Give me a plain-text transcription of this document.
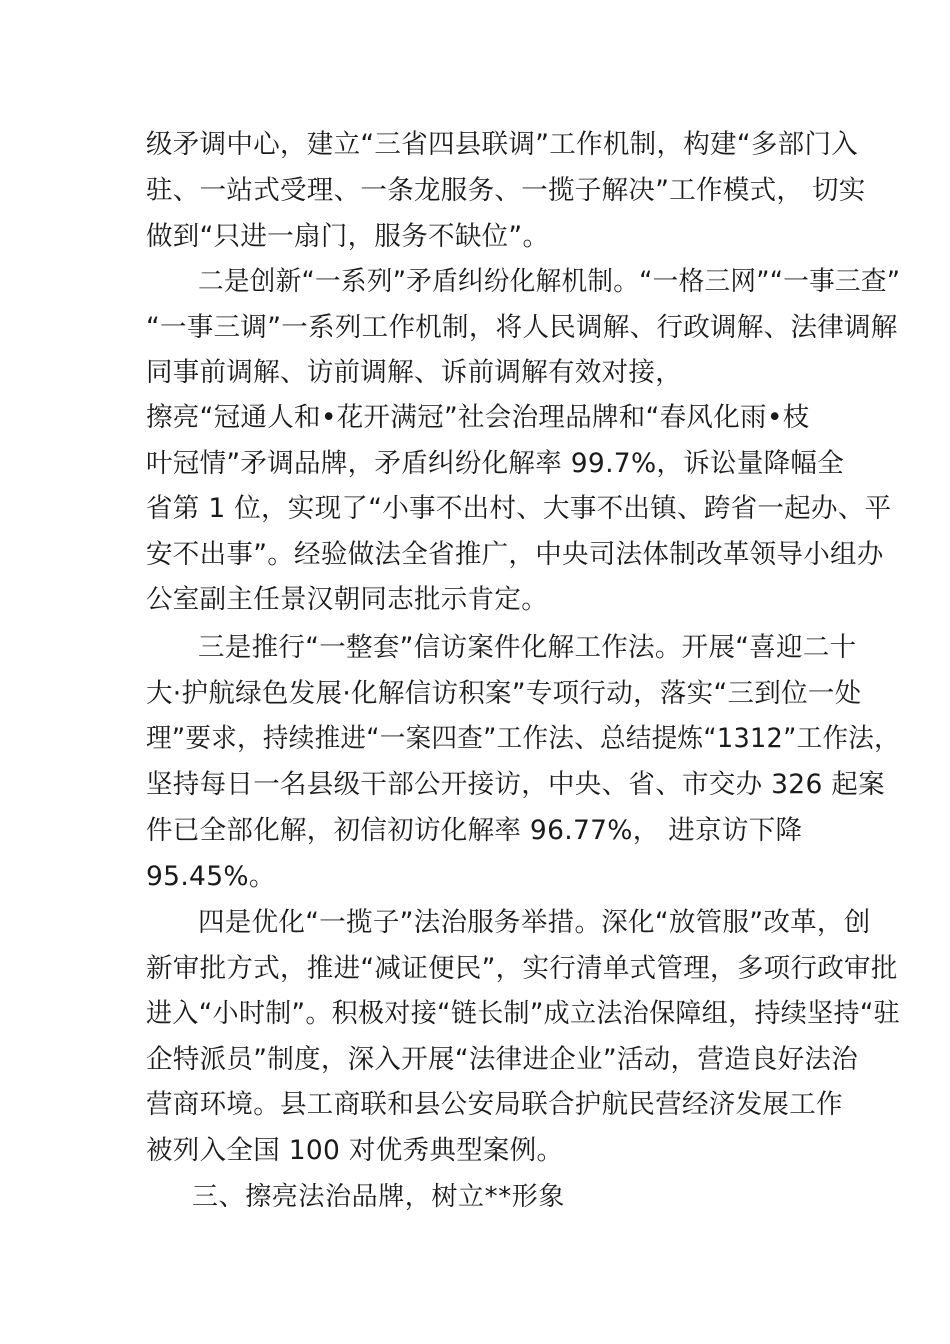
级矛调中心，建立“三省四县联调”工作机制，构建“多部门入
驻、一站式受理、一条龙服务、一揽子解决”工作模式， 切实
做到“只进一扇门，服务不缺位”。
二是创新“一系列”矛盾纠纷化解机制。“一格三网”“一事三查”
“一事三调”一系列工作机制，将人民调解、行政调解、法律调解
同事前调解、访前调解、诉前调解有效对接，
擦亮“冠通人和•花开满冠”社会治理品牌和“春风化雨•枝
叶冠情”矛调品牌，矛盾纠纷化解率 99.7%，诉讼量降幅全
省第 1 位，实现了“小事不出村、大事不出镇、跨省一起办、平
安不出事”。经验做法全省推广，中央司法体制改革领导小组办
公室副主任景汉朝同志批示肯定。
三是推行“一整套”信访案件化解工作法。开展“喜迎二十
大·护航绿色发展·化解信访积案”专项行动，落实“三到位一处
理”要求，持续推进“一案四查”工作法、总结提炼“1312”工作法，
坚持每日一名县级干部公开接访，中央、省、市交办 326 起案
件已全部化解，初信初访化解率 96.77%， 进京访下降
95.45%。
四是优化“一揽子”法治服务举措。深化“放管服”改革，创
新审批方式，推进“减证便民”，实行清单式管理，多项行政审批
进入“小时制”。积极对接“链长制”成立法治保障组，持续坚持“驻
企特派员”制度，深入开展“法律进企业”活动，营造良好法治
营商环境。县工商联和县公安局联合护航民营经济发展工作
被列入全国 100 对优秀典型案例。
三、擦亮法治品牌，树立**形象
